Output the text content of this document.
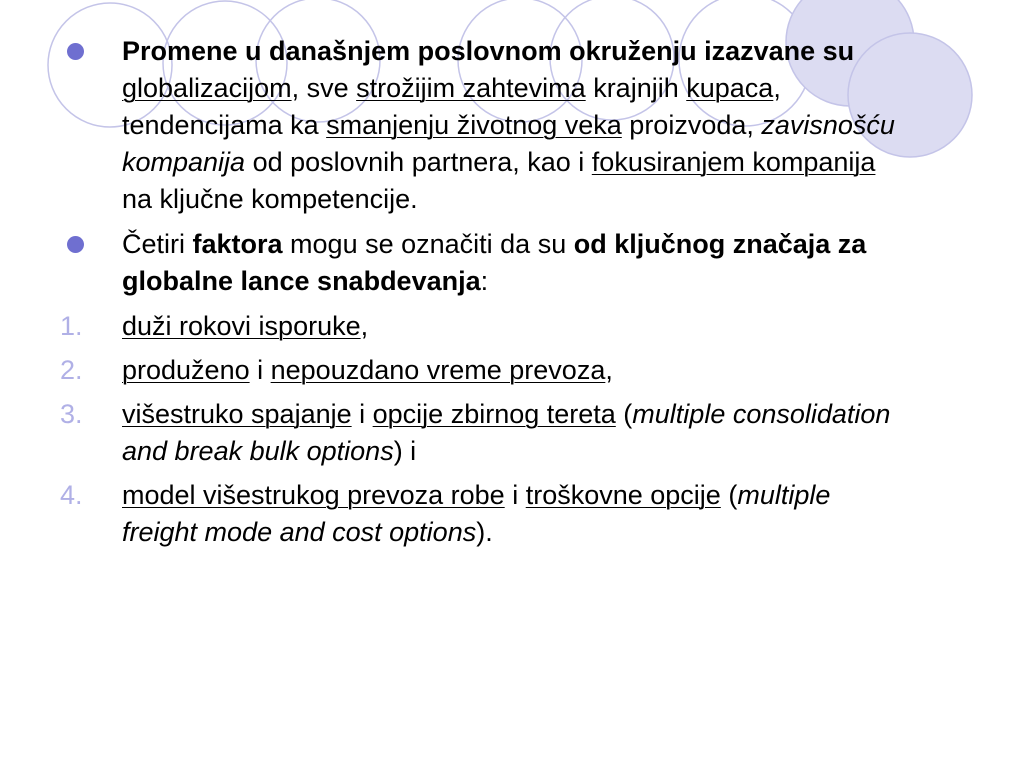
Promene u današnjem poslovnom okruženju izazvane su globalizacijom, sve strožijim zahtevima krajnjih kupaca, tendencijama ka smanjenju životnog veka proizvoda, zavisnošću kompanija od poslovnih partnera, kao i fokusiranjem kompanija na ključne kompetencije.
Četiri faktora mogu se označiti da su od ključnog značaja za globalne lance snabdevanja:
1. duži rokovi isporuke,
2. produženo i nepouzdano vreme prevoza,
3. višestruko spajanje i opcije zbirnog tereta (multiple consolidation and break bulk options) i
4. model višestrukog prevoza robe i troškovne opcije (multiple freight mode and cost options).
